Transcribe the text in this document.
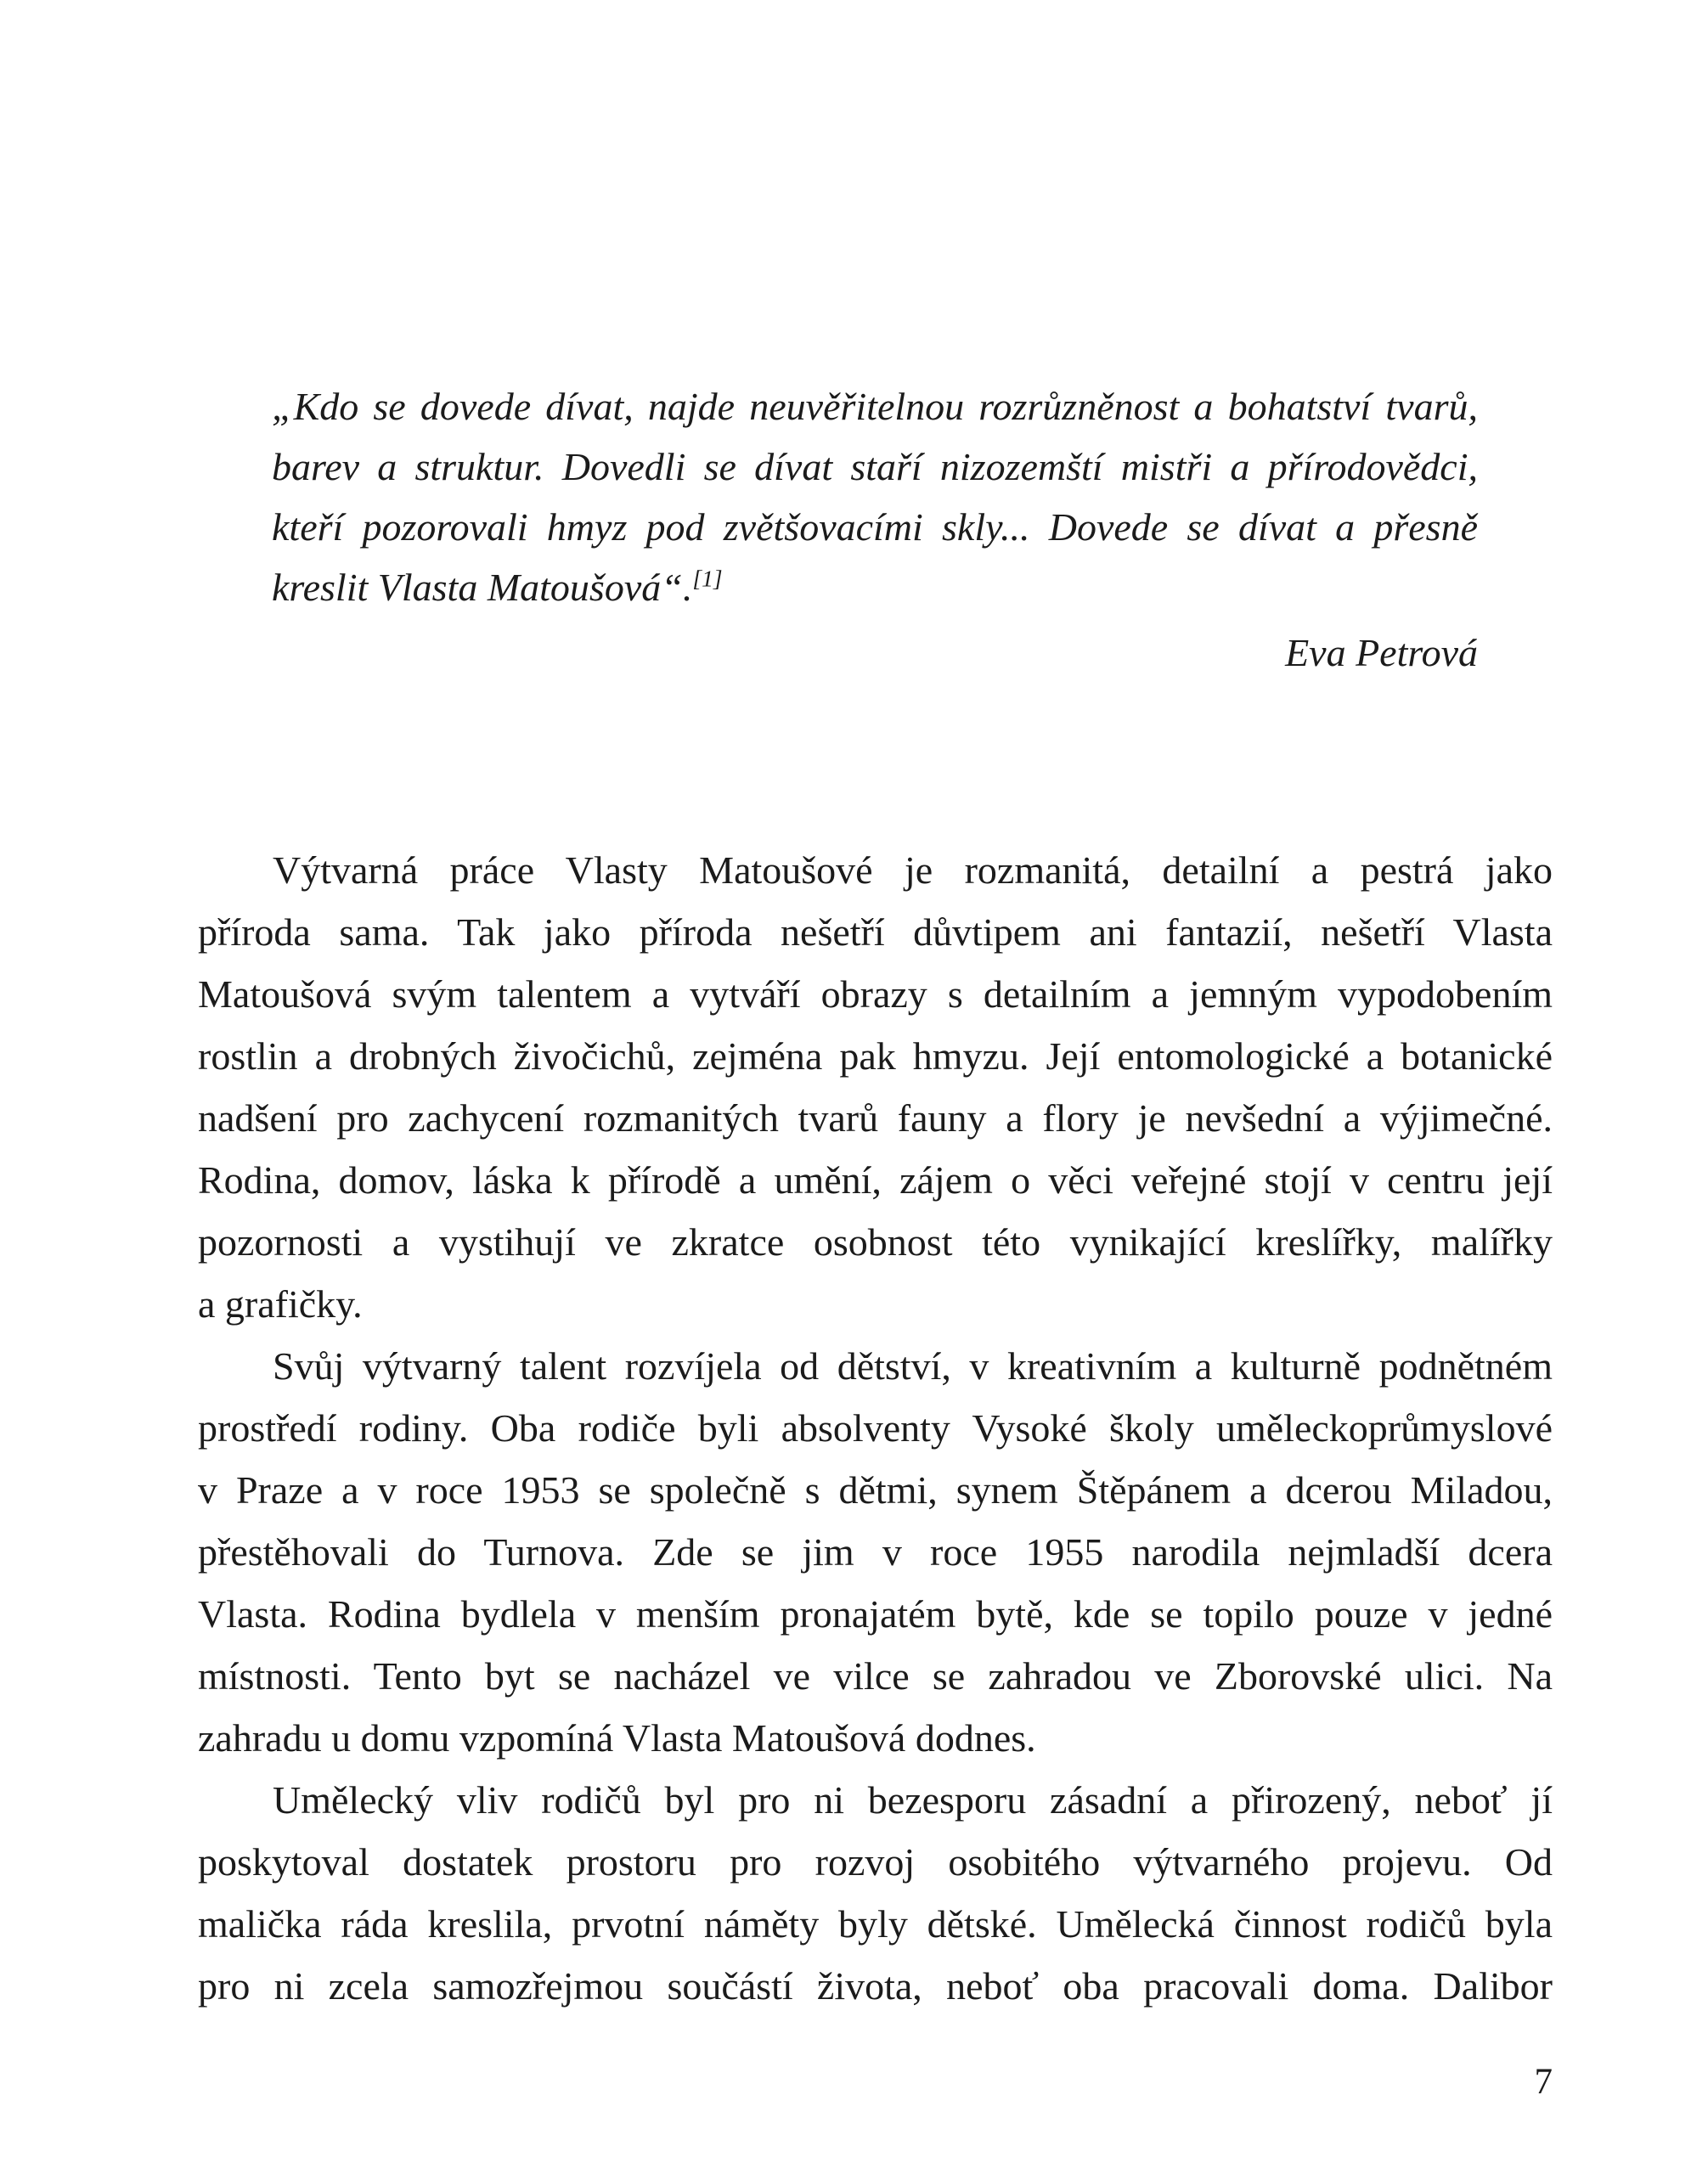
„Kdo se dovede dívat, najde neuvěřitelnou rozrůzněnost a bohatství tvarů,
barev a struktur. Dovedli se dívat staří nizozemští mistři a přírodovědci,
kteří pozorovali hmyz pod zvětšovacími skly... Dovede se dívat a přesně
kreslit Vlasta Matoušová“.[1]
Eva Petrová
Výtvarná práce Vlasty Matoušové je rozmanitá, detailní a pestrá jako
příroda sama. Tak jako příroda nešetří důvtipem ani fantazií, nešetří Vlasta
Matoušová svým talentem a vytváří obrazy s detailním a jemným vypodobením
rostlin a drobných živočichů, zejména pak hmyzu. Její entomologické a botanické
nadšení pro zachycení rozmanitých tvarů fauny a flory je nevšední a výjimečné.
Rodina, domov, láska k přírodě a umění, zájem o věci veřejné stojí v centru její
pozornosti a vystihují ve zkratce osobnost této vynikající kreslířky, malířky
a grafičky.
Svůj výtvarný talent rozvíjela od dětství, v kreativním a kulturně podnětném
prostředí rodiny. Oba rodiče byli absolventy Vysoké školy uměleckoprůmyslové
v Praze a v roce 1953 se společně s dětmi, synem Štěpánem a dcerou Miladou,
přestěhovali do Turnova. Zde se jim v roce 1955 narodila nejmladší dcera
Vlasta. Rodina bydlela v menším pronajatém bytě, kde se topilo pouze v jedné
místnosti. Tento byt se nacházel ve vilce se zahradou ve Zborovské ulici. Na
zahradu u domu vzpomíná Vlasta Matoušová dodnes.
Umělecký vliv rodičů byl pro ni bezesporu zásadní a přirozený, neboť jí
poskytoval dostatek prostoru pro rozvoj osobitého výtvarného projevu. Od
malička ráda kreslila, prvotní náměty byly dětské. Umělecká činnost rodičů byla
pro ni zcela samozřejmou součástí života, neboť oba pracovali doma. Dalibor
7
